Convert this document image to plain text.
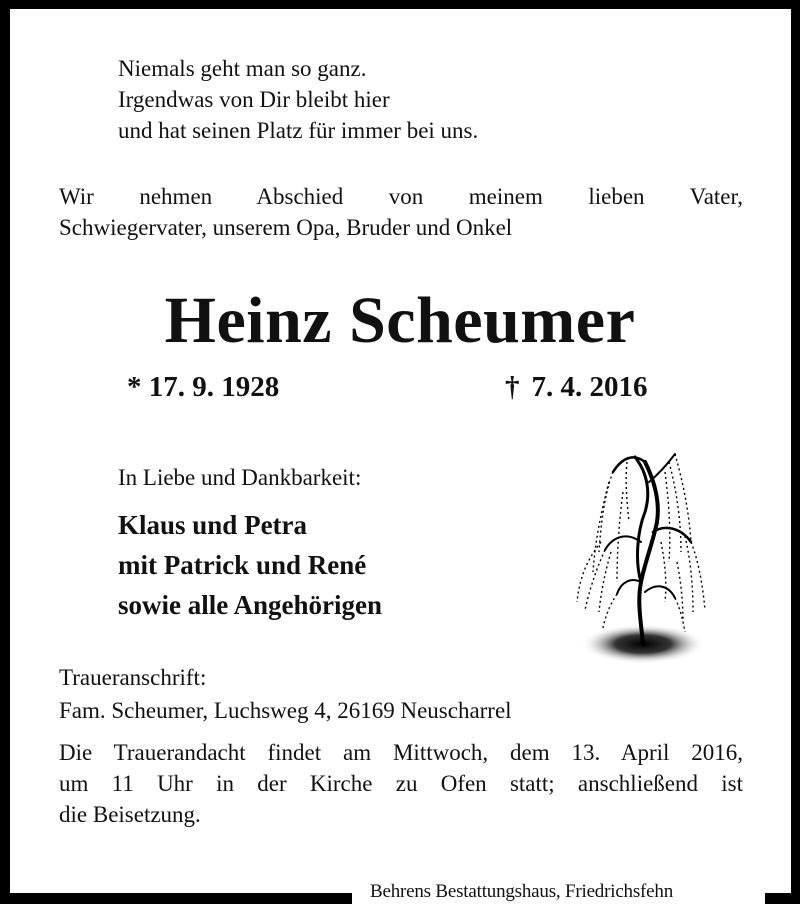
Niemals geht man so ganz.
Irgendwas von Dir bleibt hier
und hat seinen Platz für immer bei uns.
Wir nehmen Abschied von meinem lieben Vater,
Schwiegervater, unserem Opa, Bruder und Onkel
Heinz Scheumer
* 17. 9. 1928	† 7. 4. 2016
In Liebe und Dankbarkeit:
Klaus und Petra
mit Patrick und René
sowie alle Angehörigen
Traueranschrift:
Fam. Scheumer, Luchsweg 4, 26169 Neuscharrel
Die Trauerandacht findet am Mittwoch, dem 13. April 2016,
um 11 Uhr in der Kirche zu Ofen statt; anschließend ist
die Beisetzung.
Behrens Bestattungshaus, Friedrichsfehn
